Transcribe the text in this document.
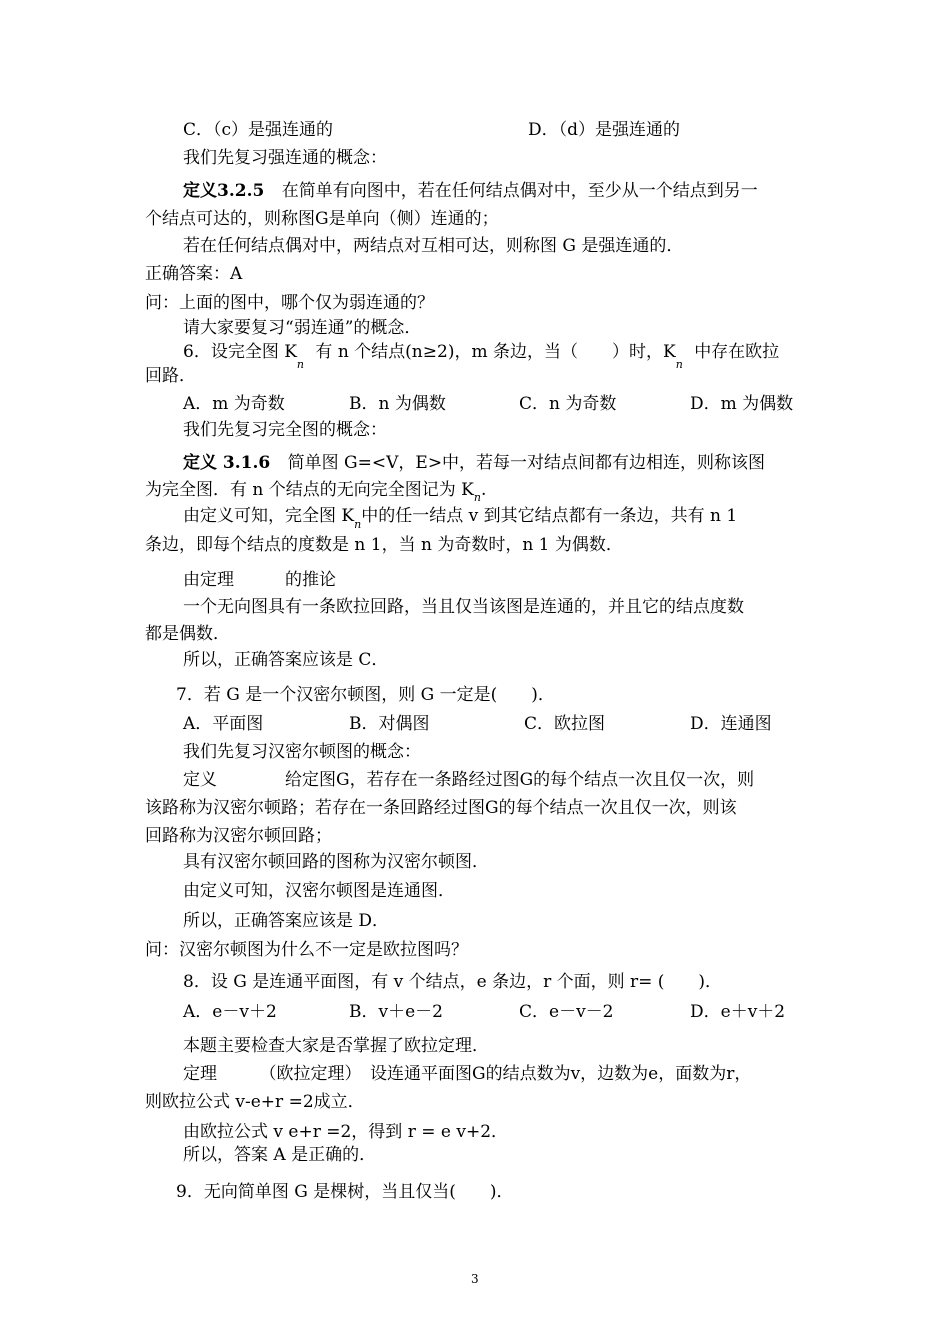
C．（c）是强连通的	D．（d）是强连通的
我们先复习强连通的概念：
定义3.2.5 在简单有向图中，若在任何结点偶对中，至少从一个结点到另一
个结点可达的，则称图G是单向（侧）连通的；
若在任何结点偶对中，两结点对互相可达，则称图 G 是强连通的．
正确答案：A
问：上面的图中，哪个仅为弱连通的？
请大家要复习“弱连通”的概念．
6．设完全图 $K_n$ 有 n 个结点(n≥2)，m 条边，当（　　）时，$K_n$ 中存在欧拉
回路．
A．m 为奇数	B．n 为偶数	C．n 为奇数	D．m 为偶数
我们先复习完全图的概念：
定义 3.1.6 简单图 G=<V，E>中，若每一对结点间都有边相连，则称该图
为完全图．有 n 个结点的无向完全图记为 $K_n$.
由定义可知，完全图 $K_n$中的任一结点 v 到其它结点都有一条边，共有 n 1
条边，即每个结点的度数是 n 1，当 n 为奇数时，n 1 为偶数．
由定理　　　的推论
一个无向图具有一条欧拉回路，当且仅当该图是连通的，并且它的结点度数
都是偶数．
所以，正确答案应该是 C．
7．若 G 是一个汉密尔顿图，则 G 一定是(　　)．
A．平面图	B．对偶图	C．欧拉图	D．连通图
我们先复习汉密尔顿图的概念：
定义　　　　给定图G，若存在一条路经过图G的每个结点一次且仅一次，则
该路称为汉密尔顿路；若存在一条回路经过图G的每个结点一次且仅一次，则该
回路称为汉密尔顿回路；
具有汉密尔顿回路的图称为汉密尔顿图．
由定义可知，汉密尔顿图是连通图．
所以，正确答案应该是 D．
问：汉密尔顿图为什么不一定是欧拉图吗？
8．设 G 是连通平面图，有 v 个结点，e 条边，r 个面，则 r= (　　)．
A．e－v＋2	B．v＋e－2	C．e－v－2	D．e＋v＋2
本题主要检查大家是否掌握了欧拉定理．
定理　　　（欧拉定理）　设连通平面图G的结点数为v，边数为e，面数为r，
则欧拉公式 v-e+r =2成立．
由欧拉公式 v e+r =2，得到 r = e v+2．
所以，答案 A 是正确的．
9．无向简单图 G 是棵树，当且仅当(　　)．
3
